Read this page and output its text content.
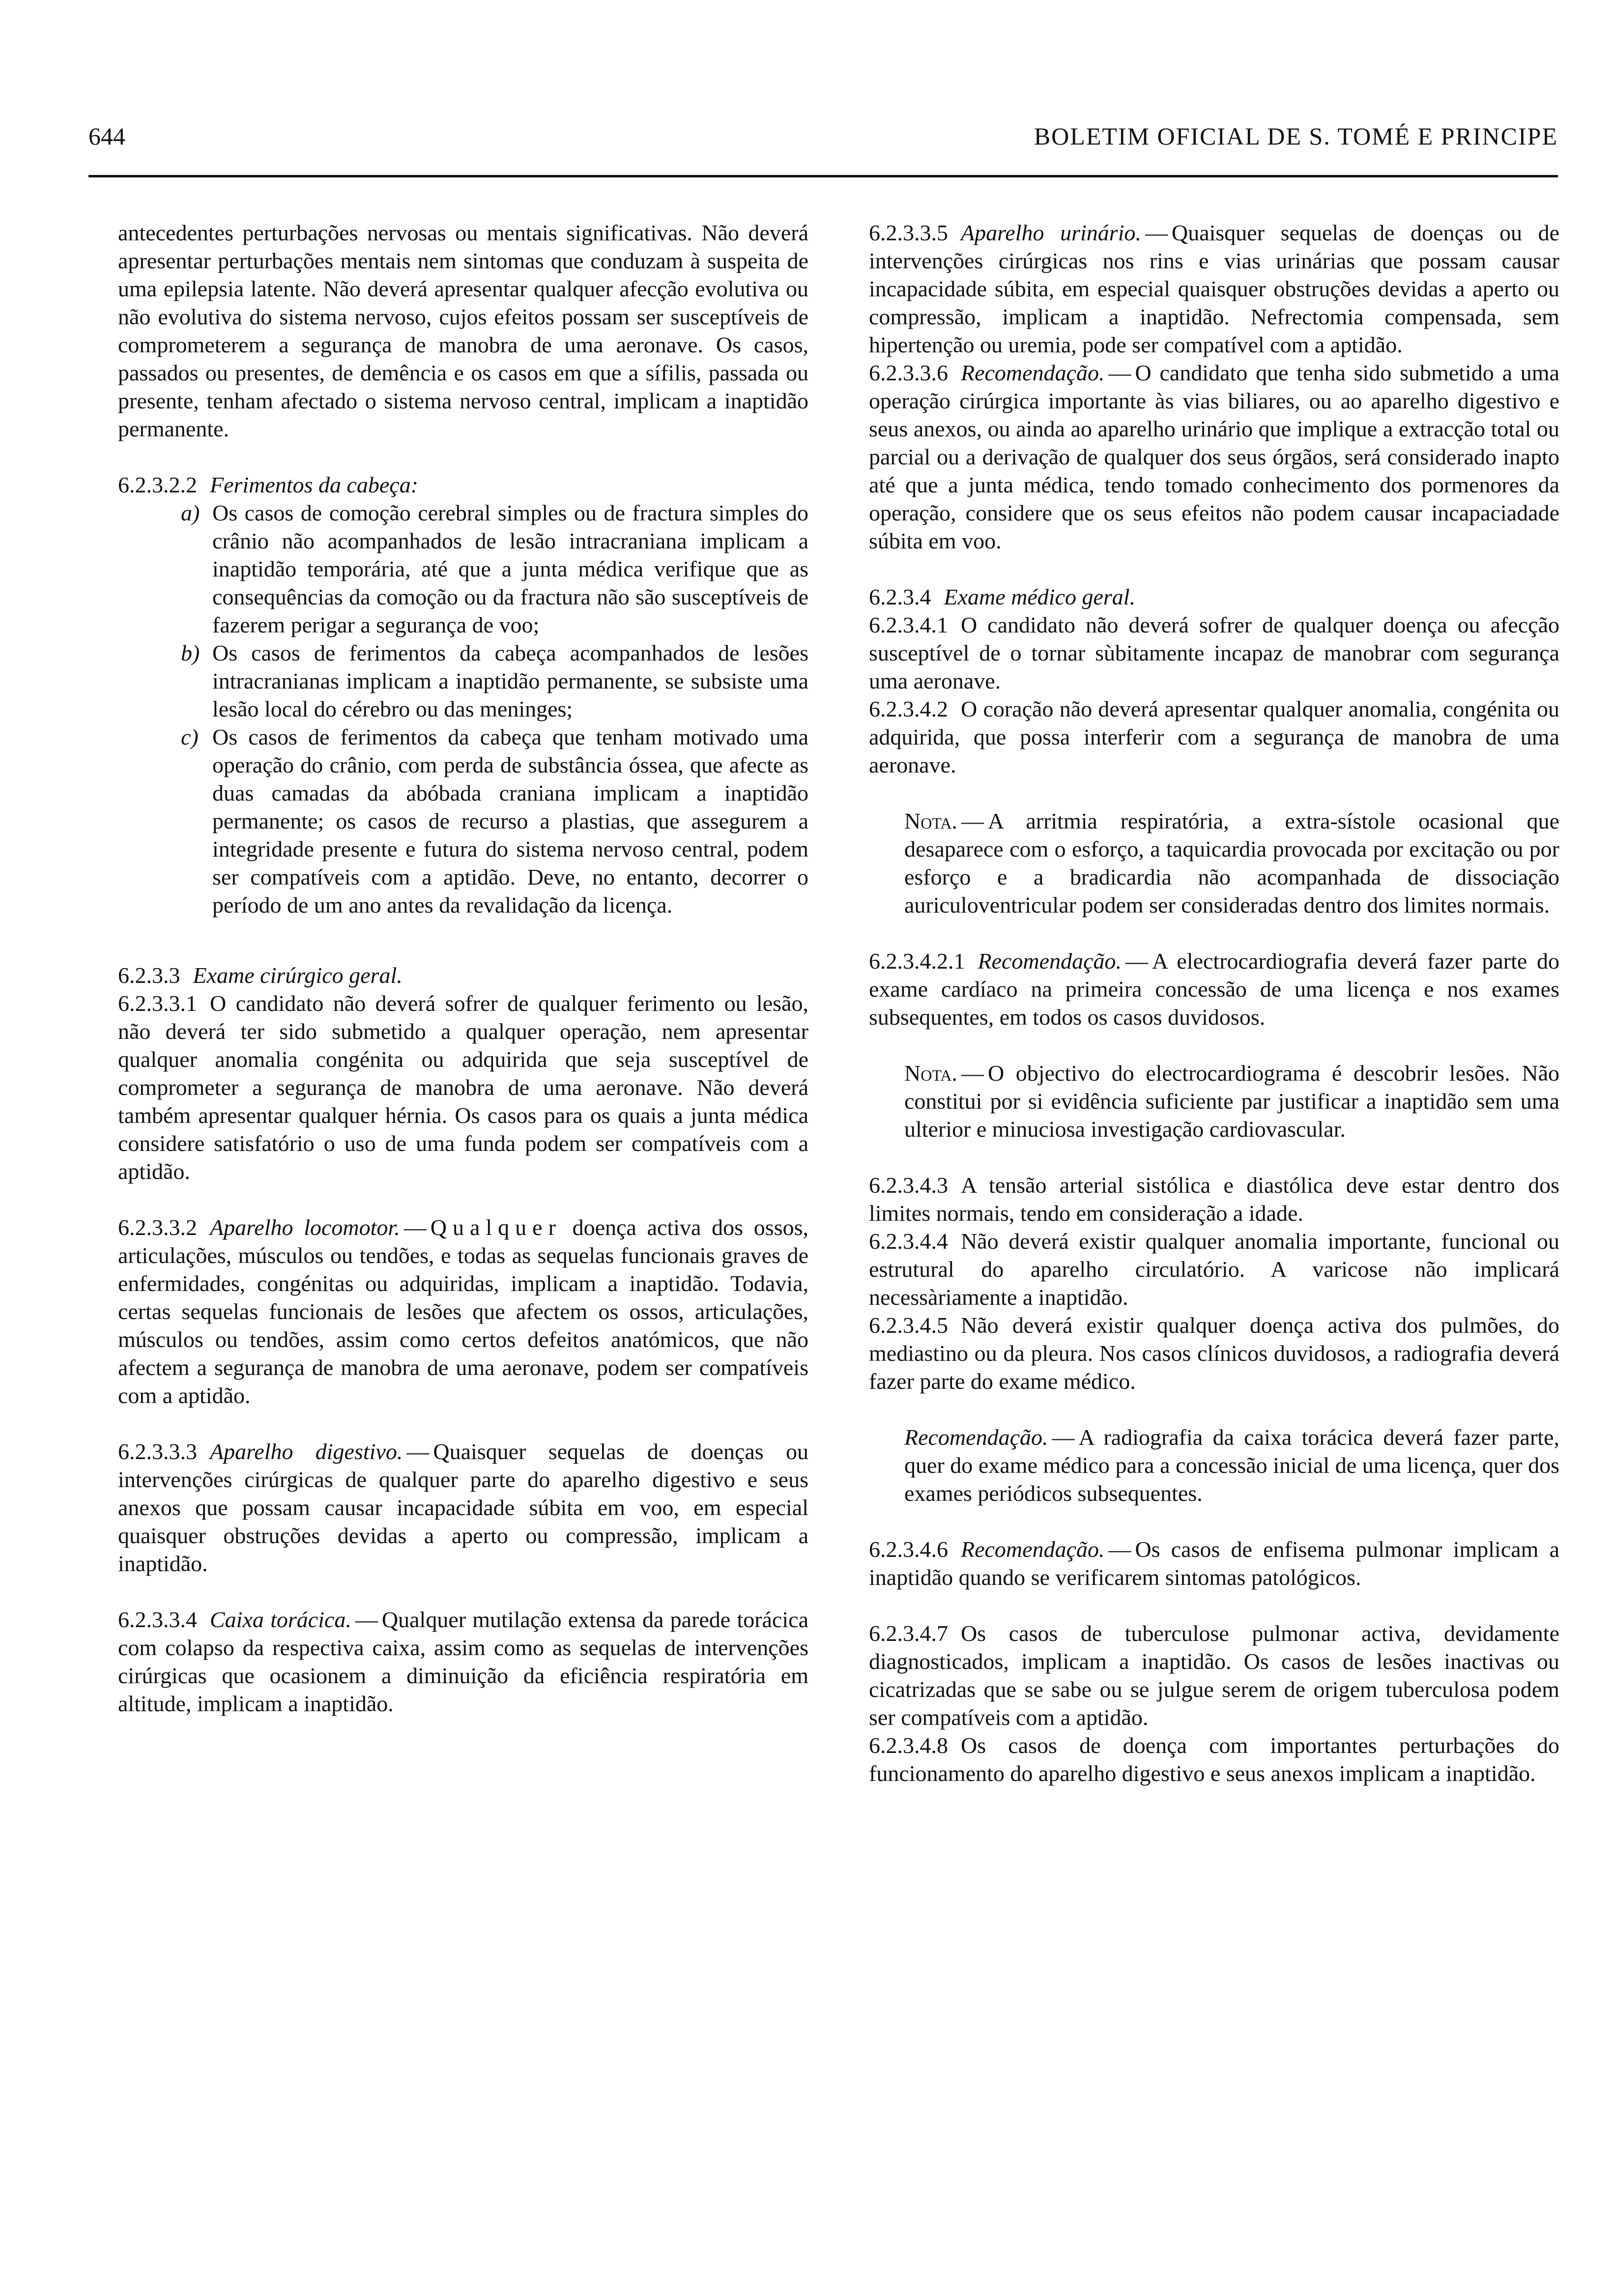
644	BOLETIM OFICIAL DE S. TOMÉ E PRINCIPE

antecedentes perturbações nervosas ou mentais significativas. Não deverá apresentar perturbações mentais nem sintomas que conduzam à suspeita de uma epilepsia latente. Não deverá apresentar qualquer afecção evolutiva ou não evolutiva do sistema nervoso, cujos efeitos possam ser susceptíveis de comprometerem a segurança de manobra de uma aeronave. Os casos, passados ou presentes, de demência e os casos em que a sífilis, passada ou presente, tenham afectado o sistema nervoso central, implicam a inaptidão permanente.

6.2.3.2.2 Ferimentos da cabeça:

a) Os casos de comoção cerebral simples ou de fractura simples do crânio não acompanhados de lesão intracraniana implicam a inaptidão temporária, até que a junta médica verifique que as consequências da comoção ou da fractura não são susceptíveis de fazerem perigar a segurança de voo;

b) Os casos de ferimentos da cabeça acompanhados de lesões intracranianas implicam a inaptidão permanente, se subsiste uma lesão local do cérebro ou das meninges;

c) Os casos de ferimentos da cabeça que tenham motivado uma operação do crânio, com perda de substância óssea, que afecte as duas camadas da abóbada craniana implicam a inaptidão permanente; os casos de recurso a plastias, que assegurem a integridade presente e futura do sistema nervoso central, podem ser compatíveis com a aptidão. Deve, no entanto, decorrer o período de um ano antes da revalidação da licença.

6.2.3.3 Exame cirúrgico geral.

6.2.3.3.1 O candidato não deverá sofrer de qualquer ferimento ou lesão, não deverá ter sido submetido a qualquer operação, nem apresentar qualquer anomalia congénita ou adquirida que seja susceptível de comprometer a segurança de manobra de uma aeronave. Não deverá também apresentar qualquer hérnia. Os casos para os quais a junta médica considere satisfatório o uso de uma funda podem ser compatíveis com a aptidão.

6.2.3.3.2 Aparelho locomotor. — Qualquer doença activa dos ossos, articulações, músculos ou tendões, e todas as sequelas funcionais graves de enfermidades, congénitas ou adquiridas, implicam a inaptidão. Todavia, certas sequelas funcionais de lesões que afectem os ossos, articulações, músculos ou tendões, assim como certos defeitos anatómicos, que não afectem a segurança de manobra de uma aeronave, podem ser compatíveis com a aptidão.

6.2.3.3.3 Aparelho digestivo. — Quaisquer sequelas de doenças ou intervenções cirúrgicas de qualquer parte do aparelho digestivo e seus anexos que possam causar incapacidade súbita em voo, em especial quaisquer obstruções devidas a aperto ou compressão, implicam a inaptidão.

6.2.3.3.4 Caixa torácica. — Qualquer mutilação extensa da parede torácica com colapso da respectiva caixa, assim como as sequelas de intervenções cirúrgicas que ocasionem a diminuição da eficiência respiratória em altitude, implicam a inaptidão.

6.2.3.3.5 Aparelho urinário. — Quaisquer sequelas de doenças ou de intervenções cirúrgicas nos rins e vias urinárias que possam causar incapacidade súbita, em especial quaisquer obstruções devidas a aperto ou compressão, implicam a inaptidão. Nefrectomia compensada, sem hipertenção ou uremia, pode ser compatível com a aptidão.

6.2.3.3.6 Recomendação. — O candidato que tenha sido submetido a uma operação cirúrgica importante às vias biliares, ou ao aparelho digestivo e seus anexos, ou ainda ao aparelho urinário que implique a extracção total ou parcial ou a derivação de qualquer dos seus órgãos, será considerado inapto até que a junta médica, tendo tomado conhecimento dos pormenores da operação, considere que os seus efeitos não podem causar incapaciadade súbita em voo.

6.2.3.4 Exame médico geral.

6.2.3.4.1 O candidato não deverá sofrer de qualquer doença ou afecção susceptível de o tornar sùbitamente incapaz de manobrar com segurança uma aeronave.

6.2.3.4.2 O coração não deverá apresentar qualquer anomalia, congénita ou adquirida, que possa interferir com a segurança de manobra de uma aeronave.

Nota. — A arritmia respiratória, a extra-sístole ocasional que desaparece com o esforço, a taquicardia provocada por excitação ou por esforço e a bradicardia não acompanhada de dissociação auriculoventricular podem ser consideradas dentro dos limites normais.

6.2.3.4.2.1 Recomendação. — A electrocardiografia deverá fazer parte do exame cardíaco na primeira concessão de uma licença e nos exames subsequentes, em todos os casos duvidosos.

Nota. — O objectivo do electrocardiograma é descobrir lesões. Não constitui por si evidência suficiente par justificar a inaptidão sem uma ulterior e minuciosa investigação cardiovascular.

6.2.3.4.3 A tensão arterial sistólica e diastólica deve estar dentro dos limites normais, tendo em consideração a idade.

6.2.3.4.4 Não deverá existir qualquer anomalia importante, funcional ou estrutural do aparelho circulatório. A varicose não implicará necessàriamente a inaptidão.

6.2.3.4.5 Não deverá existir qualquer doença activa dos pulmões, do mediastino ou da pleura. Nos casos clínicos duvidosos, a radiografia deverá fazer parte do exame médico.

Recomendação. — A radiografia da caixa torácica deverá fazer parte, quer do exame médico para a concessão inicial de uma licença, quer dos exames periódicos subsequentes.

6.2.3.4.6 Recomendação. — Os casos de enfisema pulmonar implicam a inaptidão quando se verificarem sintomas patológicos.

6.2.3.4.7 Os casos de tuberculose pulmonar activa, devidamente diagnosticados, implicam a inaptidão. Os casos de lesões inactivas ou cicatrizadas que se sabe ou se julgue serem de origem tuberculosa podem ser compatíveis com a aptidão.

6.2.3.4.8 Os casos de doença com importantes perturbações do funcionamento do aparelho digestivo e seus anexos implicam a inaptidão.
